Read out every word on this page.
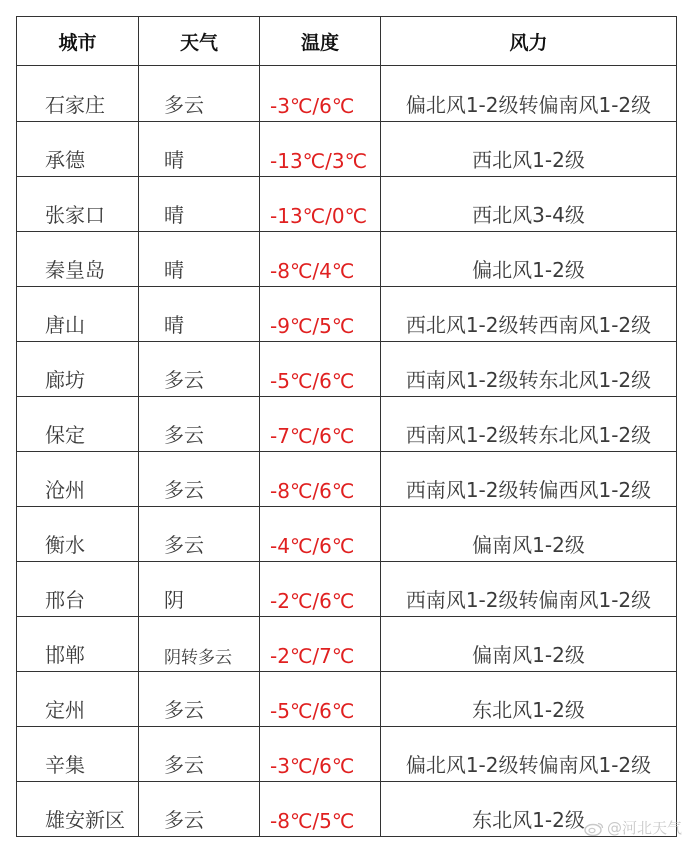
城市	天气	温度	风力
石家庄	多云	-3℃/6℃	偏北风1-2级转偏南风1-2级
承德	晴	-13℃/3℃	西北风1-2级
张家口	晴	-13℃/0℃	西北风3-4级
秦皇岛	晴	-8℃/4℃	偏北风1-2级
唐山	晴	-9℃/5℃	西北风1-2级转西南风1-2级
廊坊	多云	-5℃/6℃	西南风1-2级转东北风1-2级
保定	多云	-7℃/6℃	西南风1-2级转东北风1-2级
沧州	多云	-8℃/6℃	西南风1-2级转偏西风1-2级
衡水	多云	-4℃/6℃	偏南风1-2级
邢台	阴	-2℃/6℃	西南风1-2级转偏南风1-2级
邯郸	阴转多云	-2℃/7℃	偏南风1-2级
定州	多云	-5℃/6℃	东北风1-2级
辛集	多云	-3℃/6℃	偏北风1-2级转偏南风1-2级
雄安新区	多云	-8℃/5℃	东北风1-2级	@河北天气
